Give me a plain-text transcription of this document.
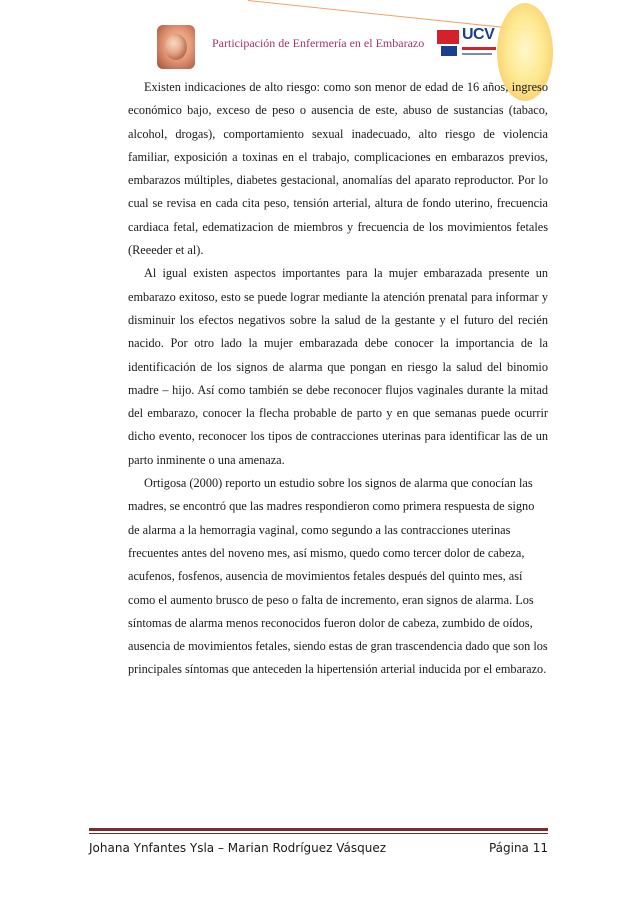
Participación de Enfermería en el Embarazo UCV

Existen indicaciones de alto riesgo: como son menor de edad de 16 años, ingreso económico bajo, exceso de peso o ausencia de este, abuso de sustancias (tabaco, alcohol, drogas), comportamiento sexual inadecuado, alto riesgo de violencia familiar, exposición a toxinas en el trabajo, complicaciones en embarazos previos, embarazos múltiples, diabetes gestacional, anomalías del aparato reproductor. Por lo cual se revisa en cada cita peso, tensión arterial, altura de fondo uterino, frecuencia cardiaca fetal, edematizacion de miembros y frecuencia de los movimientos fetales (Reeeder et al).

Al igual existen aspectos importantes para la mujer embarazada presente un embarazo exitoso, esto se puede lograr mediante la atención prenatal para informar y disminuir los efectos negativos sobre la salud de la gestante y el futuro del recién nacido. Por otro lado la mujer embarazada debe conocer la importancia de la identificación de los signos de alarma que pongan en riesgo la salud del binomio madre – hijo. Así como también se debe reconocer flujos vaginales durante la mitad del embarazo, conocer la flecha probable de parto y en que semanas puede ocurrir dicho evento, reconocer los tipos de contracciones uterinas para identificar las de un parto inminente o una amenaza.

Ortigosa (2000) reporto un estudio sobre los signos de alarma que conocían las madres, se encontró que las madres respondieron como primera respuesta de signo de alarma a la hemorragia vaginal, como segundo a las contracciones uterinas frecuentes antes del noveno mes, así mismo, quedo como tercer dolor de cabeza, acufenos, fosfenos, ausencia de movimientos fetales después del quinto mes, así como el aumento brusco de peso o falta de incremento, eran signos de alarma. Los síntomas de alarma menos reconocidos fueron dolor de cabeza, zumbido de oídos, ausencia de movimientos fetales, siendo estas de gran trascendencia dado que son los principales síntomas que anteceden la hipertensión arterial inducida por el embarazo.

Johana Ynfantes Ysla – Marian Rodríguez Vásquez	Página 11
